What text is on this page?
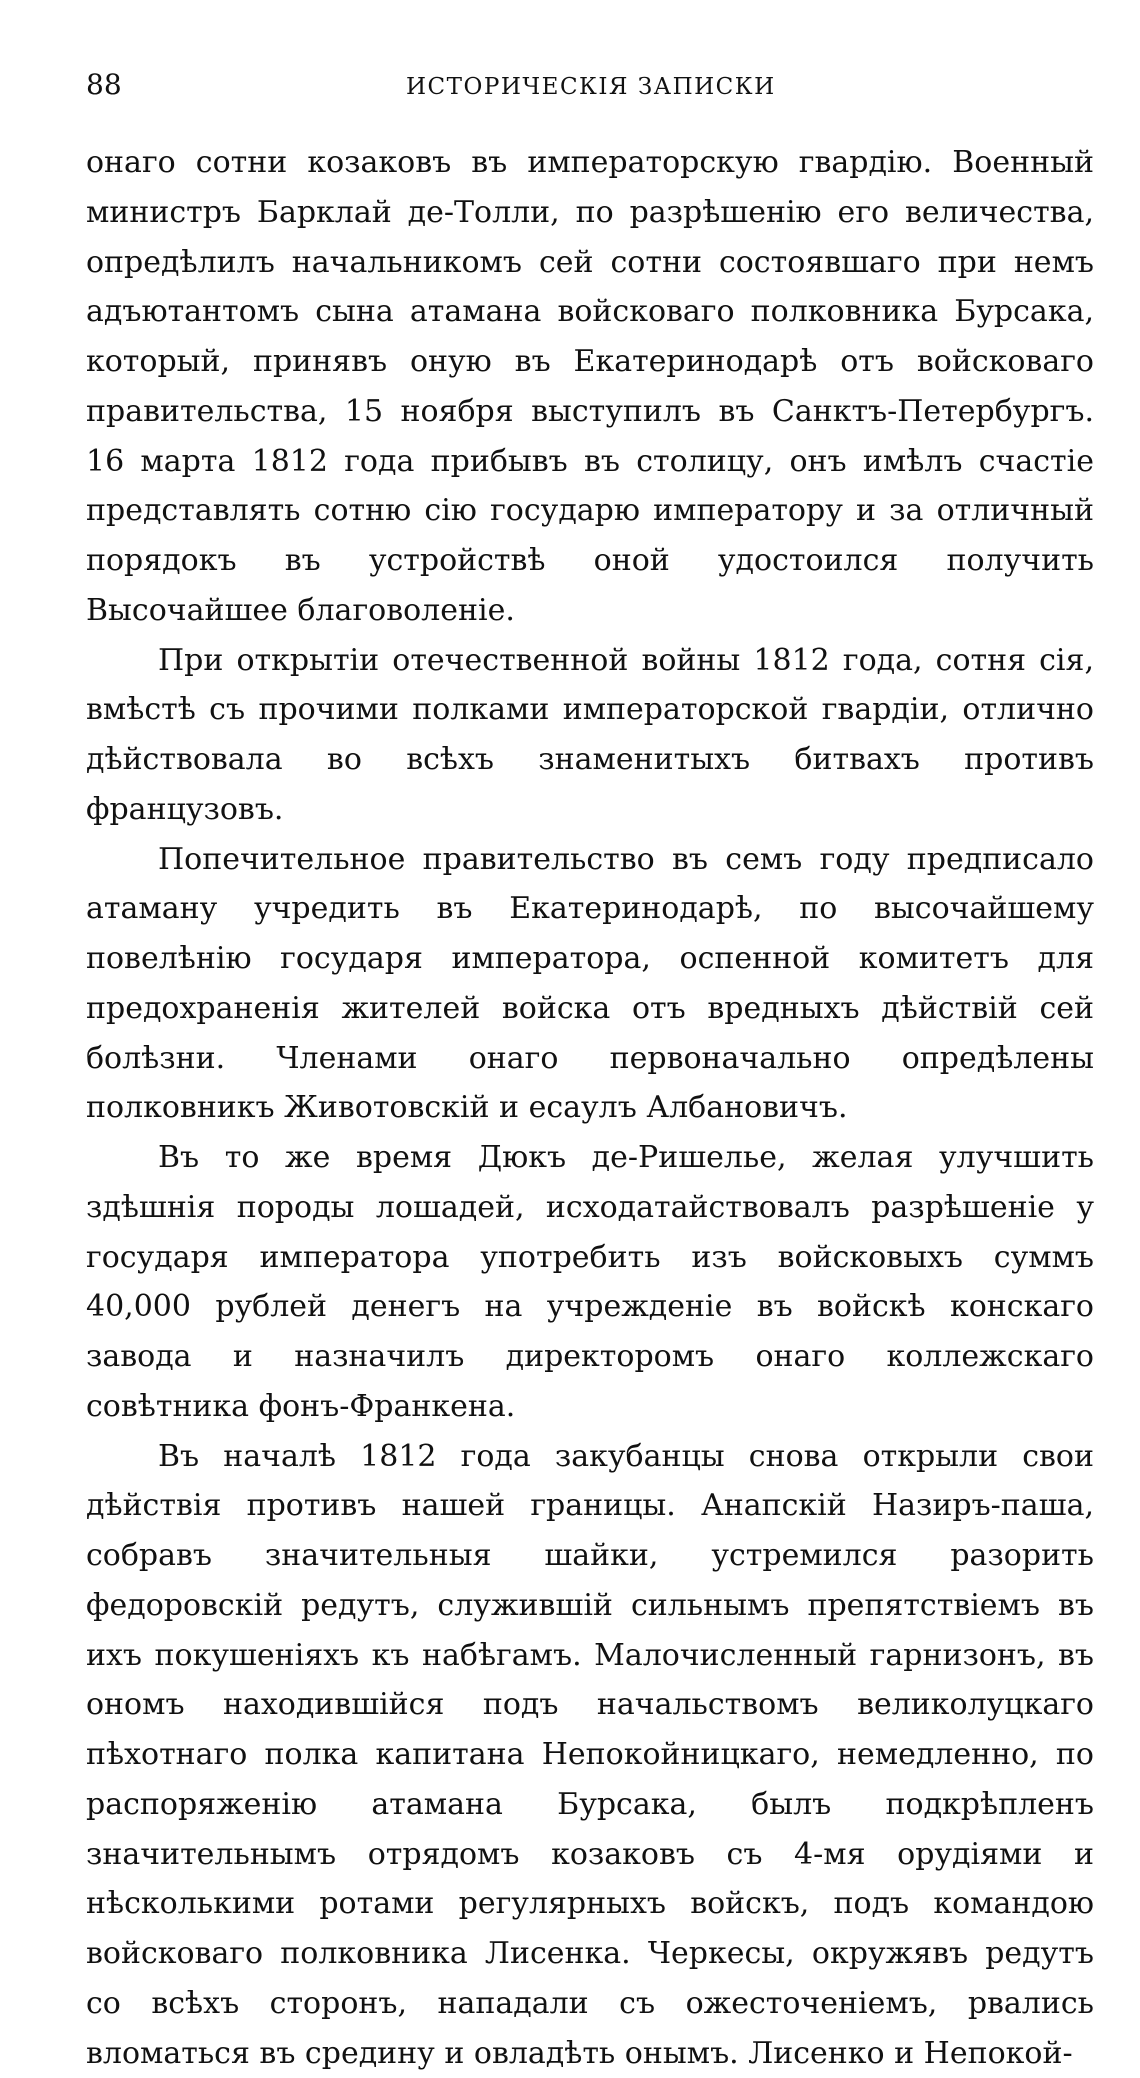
88	ИСТОРИЧЕСКІЯ ЗАПИСКИ

онаго сотни козаковъ въ императорскую гвардію. Военный министръ Барклай де-Толли, по разрѣшенію его величества, опредѣлилъ начальникомъ сей сотни состоявшаго при немъ адъютантомъ сына атамана войсковаго полковника Бурсака, который, принявъ оную въ Екатеринодарѣ отъ войсковаго правительства, 15 ноября выступилъ въ Санктъ-Петербургъ. 16 марта 1812 года прибывъ въ столицу, онъ имѣлъ счастіе представлять сотню сію государю императору и за отличный порядокъ въ устройствѣ оной удостоился получить Высочайшее благоволеніе.

При открытіи отечественной войны 1812 года, сотня сія, вмѣстѣ съ прочими полками императорской гвардіи, отлично дѣйствовала во всѣхъ знаменитыхъ битвахъ противъ французовъ.

Попечительное правительство въ семъ году предписало атаману учредить въ Екатеринодарѣ, по высочайшему повелѣнію государя императора, оспенной комитетъ для предохраненія жителей войска отъ вредныхъ дѣйствій сей болѣзни. Членами онаго первоначально опредѣлены полковникъ Животовскій и есаулъ Албановичъ.

Въ то же время Дюкъ де-Ришелье, желая улучшить здѣшнія породы лошадей, исходатайствовалъ разрѣшеніе у государя императора употребить изъ войсковыхъ суммъ 40,000 рублей денегъ на учрежденіе въ войскѣ конскаго завода и назначилъ директоромъ онаго коллежскаго совѣтника фонъ-Франкена.

Въ началѣ 1812 года закубанцы снова открыли свои дѣйствія противъ нашей границы. Анапскій Назиръ-паша, собравъ значительныя шайки, устремился разорить федоровскій редутъ, служившій сильнымъ препятствіемъ въ ихъ покушеніяхъ къ набѣгамъ. Малочисленный гарнизонъ, въ ономъ находившійся подъ начальствомъ великолуцкаго пѣхотнаго полка капитана Непокойницкаго, немедленно, по распоряженію атамана Бурсака, былъ подкрѣпленъ значительнымъ отрядомъ козаковъ съ 4-мя орудіями и нѣсколькими ротами регулярныхъ войскъ, подъ командою войсковаго полковника Лисенка. Черкесы, окружявъ редутъ со всѣхъ сторонъ, нападали съ ожесточеніемъ, рвались вломаться въ средину и овладѣть онымъ. Лисенко и Непокой-
